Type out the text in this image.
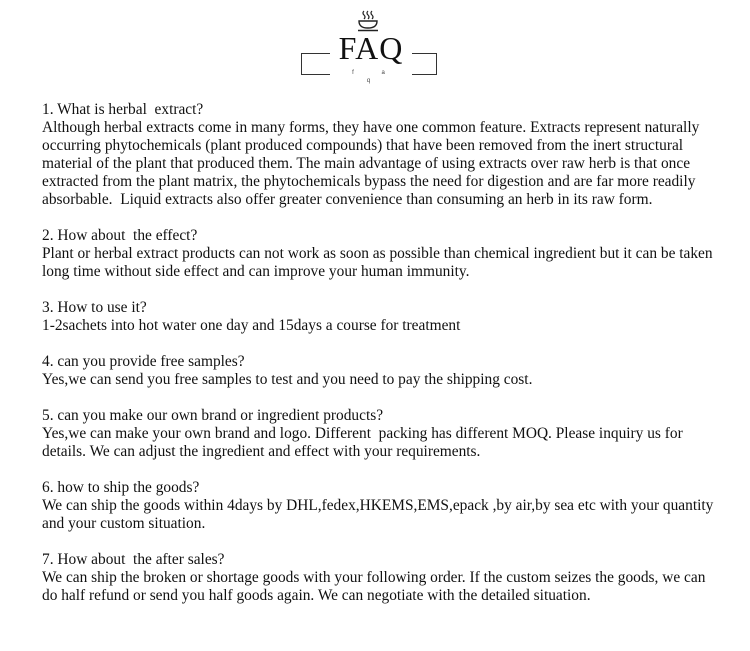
FAQ
f a q
1. What is herbal  extract?
Although herbal extracts come in many forms, they have one common feature. Extracts represent naturally occurring phytochemicals (plant produced compounds) that have been removed from the inert structural material of the plant that produced them. The main advantage of using extracts over raw herb is that once extracted from the plant matrix, the phytochemicals bypass the need for digestion and are far more readily absorbable.  Liquid extracts also offer greater convenience than consuming an herb in its raw form.
2. How about  the effect?
Plant or herbal extract products can not work as soon as possible than chemical ingredient but it can be taken long time without side effect and can improve your human immunity.
3. How to use it?
1-2sachets into hot water one day and 15days a course for treatment
4. can you provide free samples?
Yes,we can send you free samples to test and you need to pay the shipping cost.
5. can you make our own brand or ingredient products?
Yes,we can make your own brand and logo. Different  packing has different MOQ. Please inquiry us for details. We can adjust the ingredient and effect with your requirements.
6. how to ship the goods?
We can ship the goods within 4days by DHL,fedex,HKEMS,EMS,epack ,by air,by sea etc with your quantity and your custom situation.
7. How about  the after sales?
We can ship the broken or shortage goods with your following order. If the custom seizes the goods, we can do half refund or send you half goods again. We can negotiate with the detailed situation.
